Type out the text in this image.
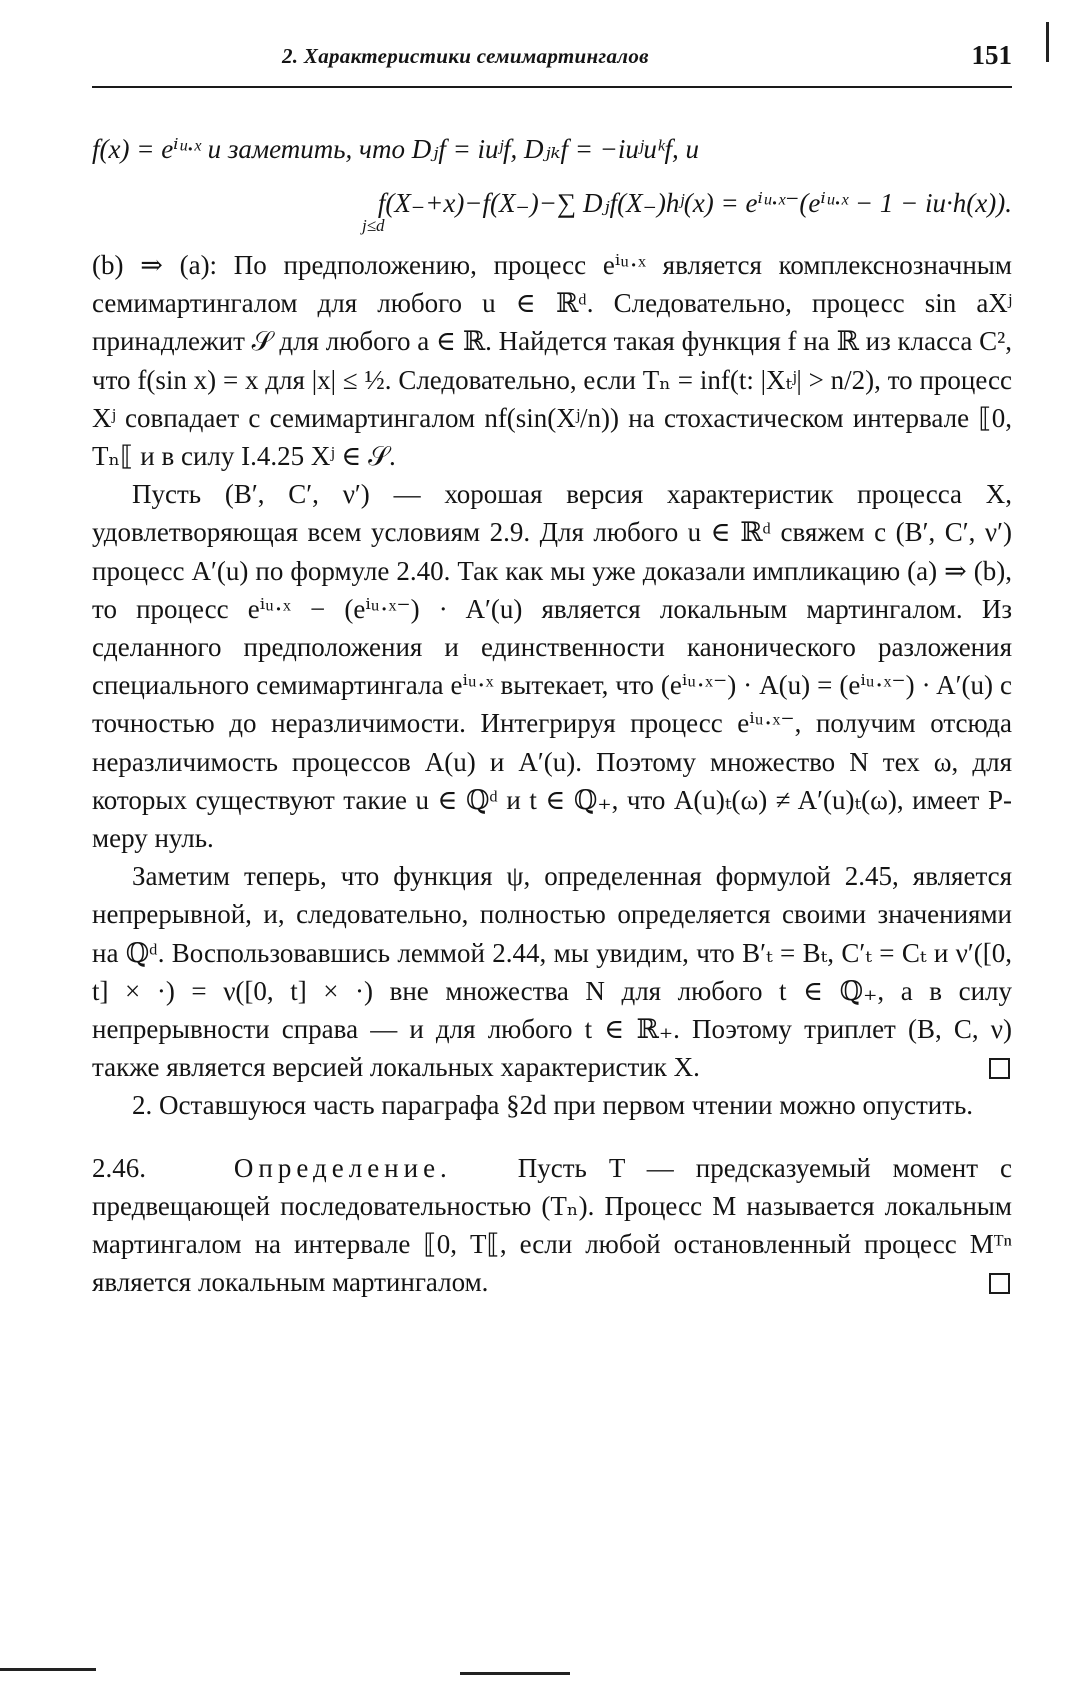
2. Характеристики семимартингалов	151
f(x) = eⁱᵘ·ˣ и заметить, что Dⱼf = iuʲf, Dⱼₖf = −iuʲuᵏf, и
f(X₋+x)−f(X₋)−∑ Dⱼf(X₋)hʲ(x) = eⁱᵘ·ˣ⁻(eⁱᵘ·ˣ − 1 − iu·h(x)).
j≤d

(b) ⇒ (a): По предположению, процесс eⁱᵘ·ˣ является комплекснозначным семимартингалом для любого u ∈ ℝᵈ. Следовательно, процесс sin aXʲ принадлежит 𝒮 для любого a ∈ ℝ. Найдется такая функция f на ℝ из класса C², что f(sin x) = x для |x| ≤ ½. Следовательно, если Tₙ = inf(t: |Xₜʲ| > n/2), то процесс Xʲ совпадает с семимартингалом nf(sin(Xʲ/n)) на стохастическом интервале ⟦0, Tₙ⟦ и в силу I.4.25 Xʲ ∈ 𝒮.

Пусть (B′, C′, ν′) — хорошая версия характеристик процесса X, удовлетворяющая всем условиям 2.9. Для любого u ∈ ℝᵈ свяжем с (B′, C′, ν′) процесс A′(u) по формуле 2.40. Так как мы уже доказали импликацию (a) ⇒ (b), то процесс eⁱᵘ·ˣ − (eⁱᵘ·ˣ⁻) · A′(u) является локальным мартингалом. Из сделанного предположения и единственности канонического разложения специального семимартингала eⁱᵘ·ˣ вытекает, что (eⁱᵘ·ˣ⁻) · A(u) = (eⁱᵘ·ˣ⁻) · A′(u) с точностью до неразличимости. Интегрируя процесс eⁱᵘ·ˣ⁻, получим отсюда неразличимость процессов A(u) и A′(u). Поэтому множество N тех ω, для которых существуют такие u ∈ ℚᵈ и t ∈ ℚ₊, что A(u)ₜ(ω) ≠ A′(u)ₜ(ω), имеет P-меру нуль.

Заметим теперь, что функция ψ, определенная формулой 2.45, является непрерывной, и, следовательно, полностью определяется своими значениями на ℚᵈ. Воспользовавшись леммой 2.44, мы увидим, что B′ₜ = Bₜ, C′ₜ = Cₜ и ν′([0, t] × ·) = ν([0, t] × ·) вне множества N для любого t ∈ ℚ₊, а в силу непрерывности справа — и для любого t ∈ ℝ₊. Поэтому триплет (B, C, ν) также является версией локальных характеристик X.

2. Оставшуюся часть параграфа §2d при первом чтении можно опустить.

2.46.	Определение. Пусть T — предсказуемый момент с предвещающей последовательностью (Tₙ). Процесс M называется локальным мартингалом на интервале ⟦0, T⟦, если любой остановленный процесс Mᵀⁿ является локальным мартингалом.
